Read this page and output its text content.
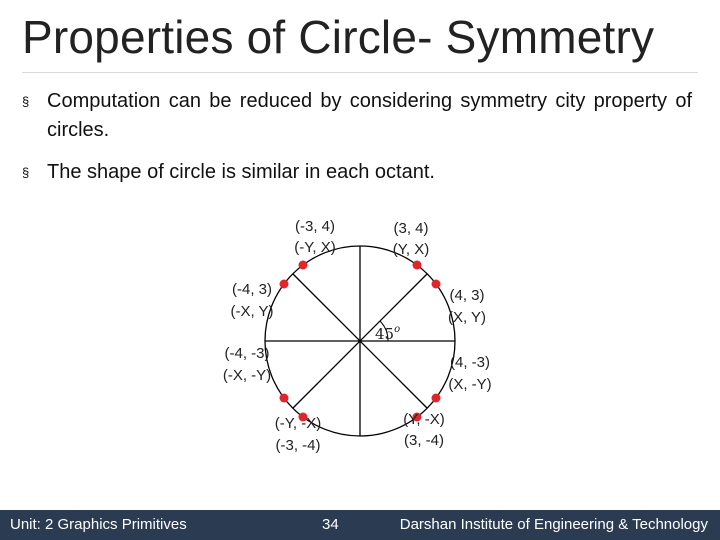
Properties of Circle- Symmetry
§ Computation can be reduced by considering symmetry city property of circles.
§ The shape of circle is similar in each octant.
45$^o$
(-3, 4)
(-Y, X)
(3, 4)
(Y, X)
(-4, 3)
(-X, Y)
(4, 3)
(X, Y)
(-4, -3)
(-X, -Y)
(4, -3)
(X, -Y)
(-3, -4)
(-Y, -X)
(3, -4)
(Y, -X)
Unit: 2 Graphics Primitives	34	Darshan Institute of Engineering & Technology
